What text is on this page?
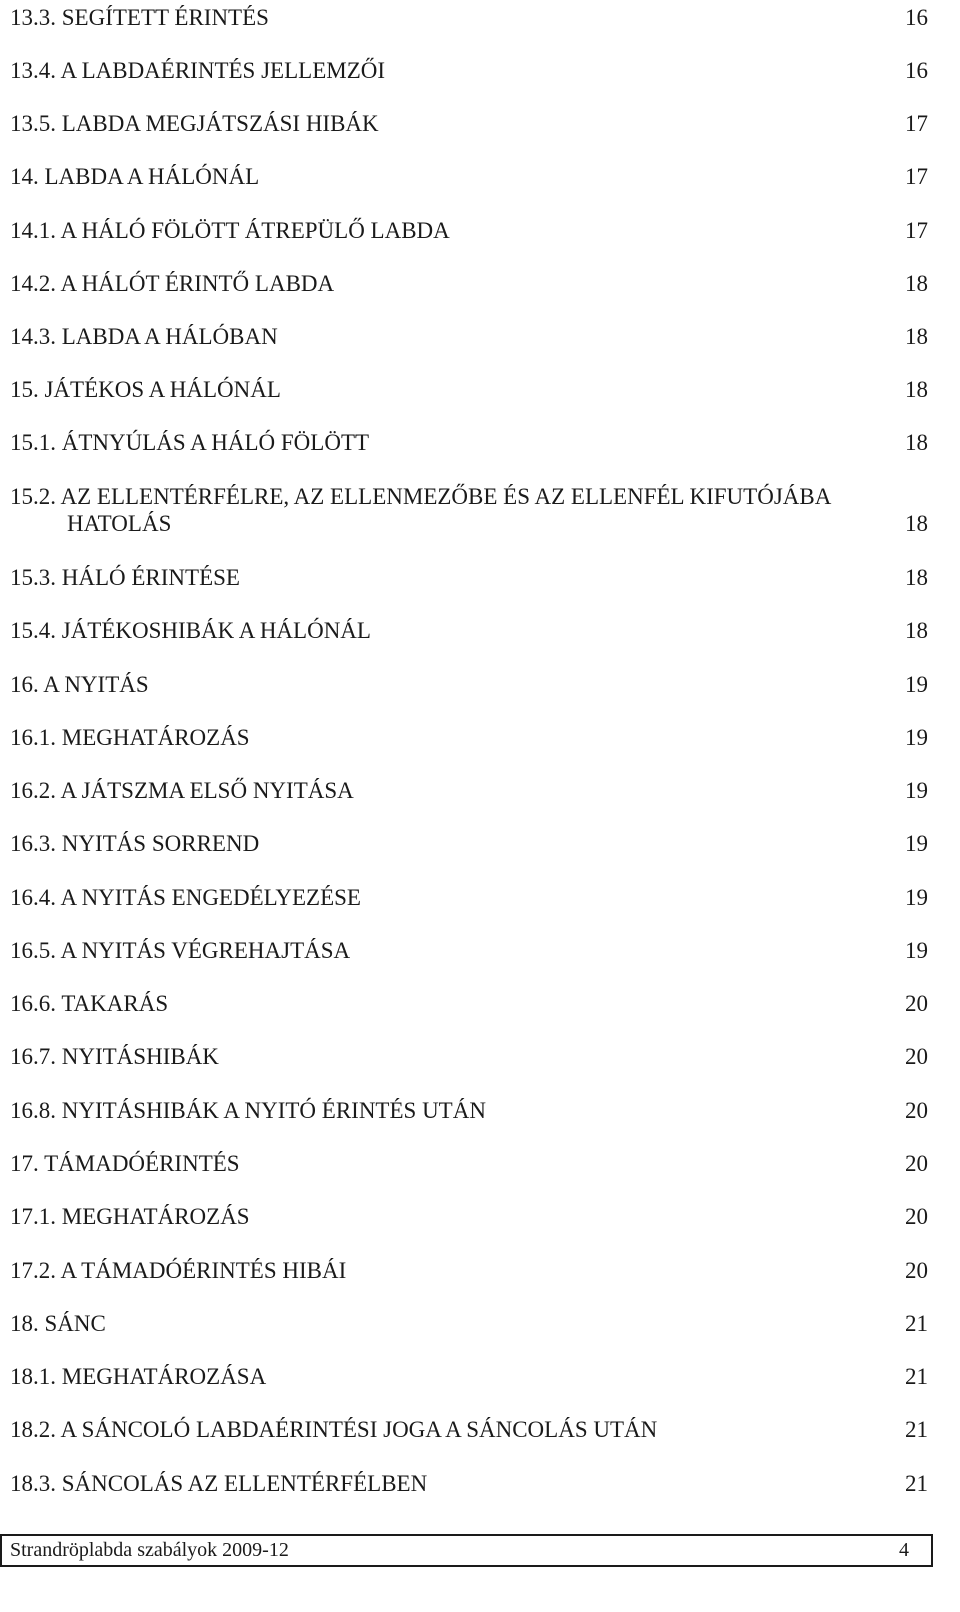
13.3. SEGÍTETT ÉRINTÉS	16
13.4. A LABDAÉRINTÉS JELLEMZŐI	16
13.5. LABDA MEGJÁTSZÁSI HIBÁK	17
14. LABDA A HÁLÓNÁL	17
14.1. A HÁLÓ FÖLÖTT ÁTREPÜLŐ LABDA	17
14.2. A HÁLÓT ÉRINTŐ LABDA	18
14.3. LABDA A HÁLÓBAN	18
15. JÁTÉKOS A HÁLÓNÁL	18
15.1. ÁTNYÚLÁS A HÁLÓ FÖLÖTT	18
15.2. AZ ELLENTÉRFÉLRE, AZ ELLENMEZŐBE ÉS AZ ELLENFÉL KIFUTÓJÁBA
HATOLÁS	18
15.3. HÁLÓ ÉRINTÉSE	18
15.4. JÁTÉKOSHIBÁK A HÁLÓNÁL	18
16. A NYITÁS	19
16.1. MEGHATÁROZÁS	19
16.2. A JÁTSZMA ELSŐ NYITÁSA	19
16.3. NYITÁS SORREND	19
16.4. A NYITÁS ENGEDÉLYEZÉSE	19
16.5. A NYITÁS VÉGREHAJTÁSA	19
16.6. TAKARÁS	20
16.7. NYITÁSHIBÁK	20
16.8. NYITÁSHIBÁK A NYITÓ ÉRINTÉS UTÁN	20
17. TÁMADÓÉRINTÉS	20
17.1. MEGHATÁROZÁS	20
17.2. A TÁMADÓÉRINTÉS HIBÁI	20
18. SÁNC	21
18.1. MEGHATÁROZÁSA	21
18.2. A SÁNCOLÓ LABDAÉRINTÉSI JOGA A SÁNCOLÁS UTÁN	21
18.3. SÁNCOLÁS AZ ELLENTÉRFÉLBEN	21
Strandröplabda szabályok 2009-12	4
